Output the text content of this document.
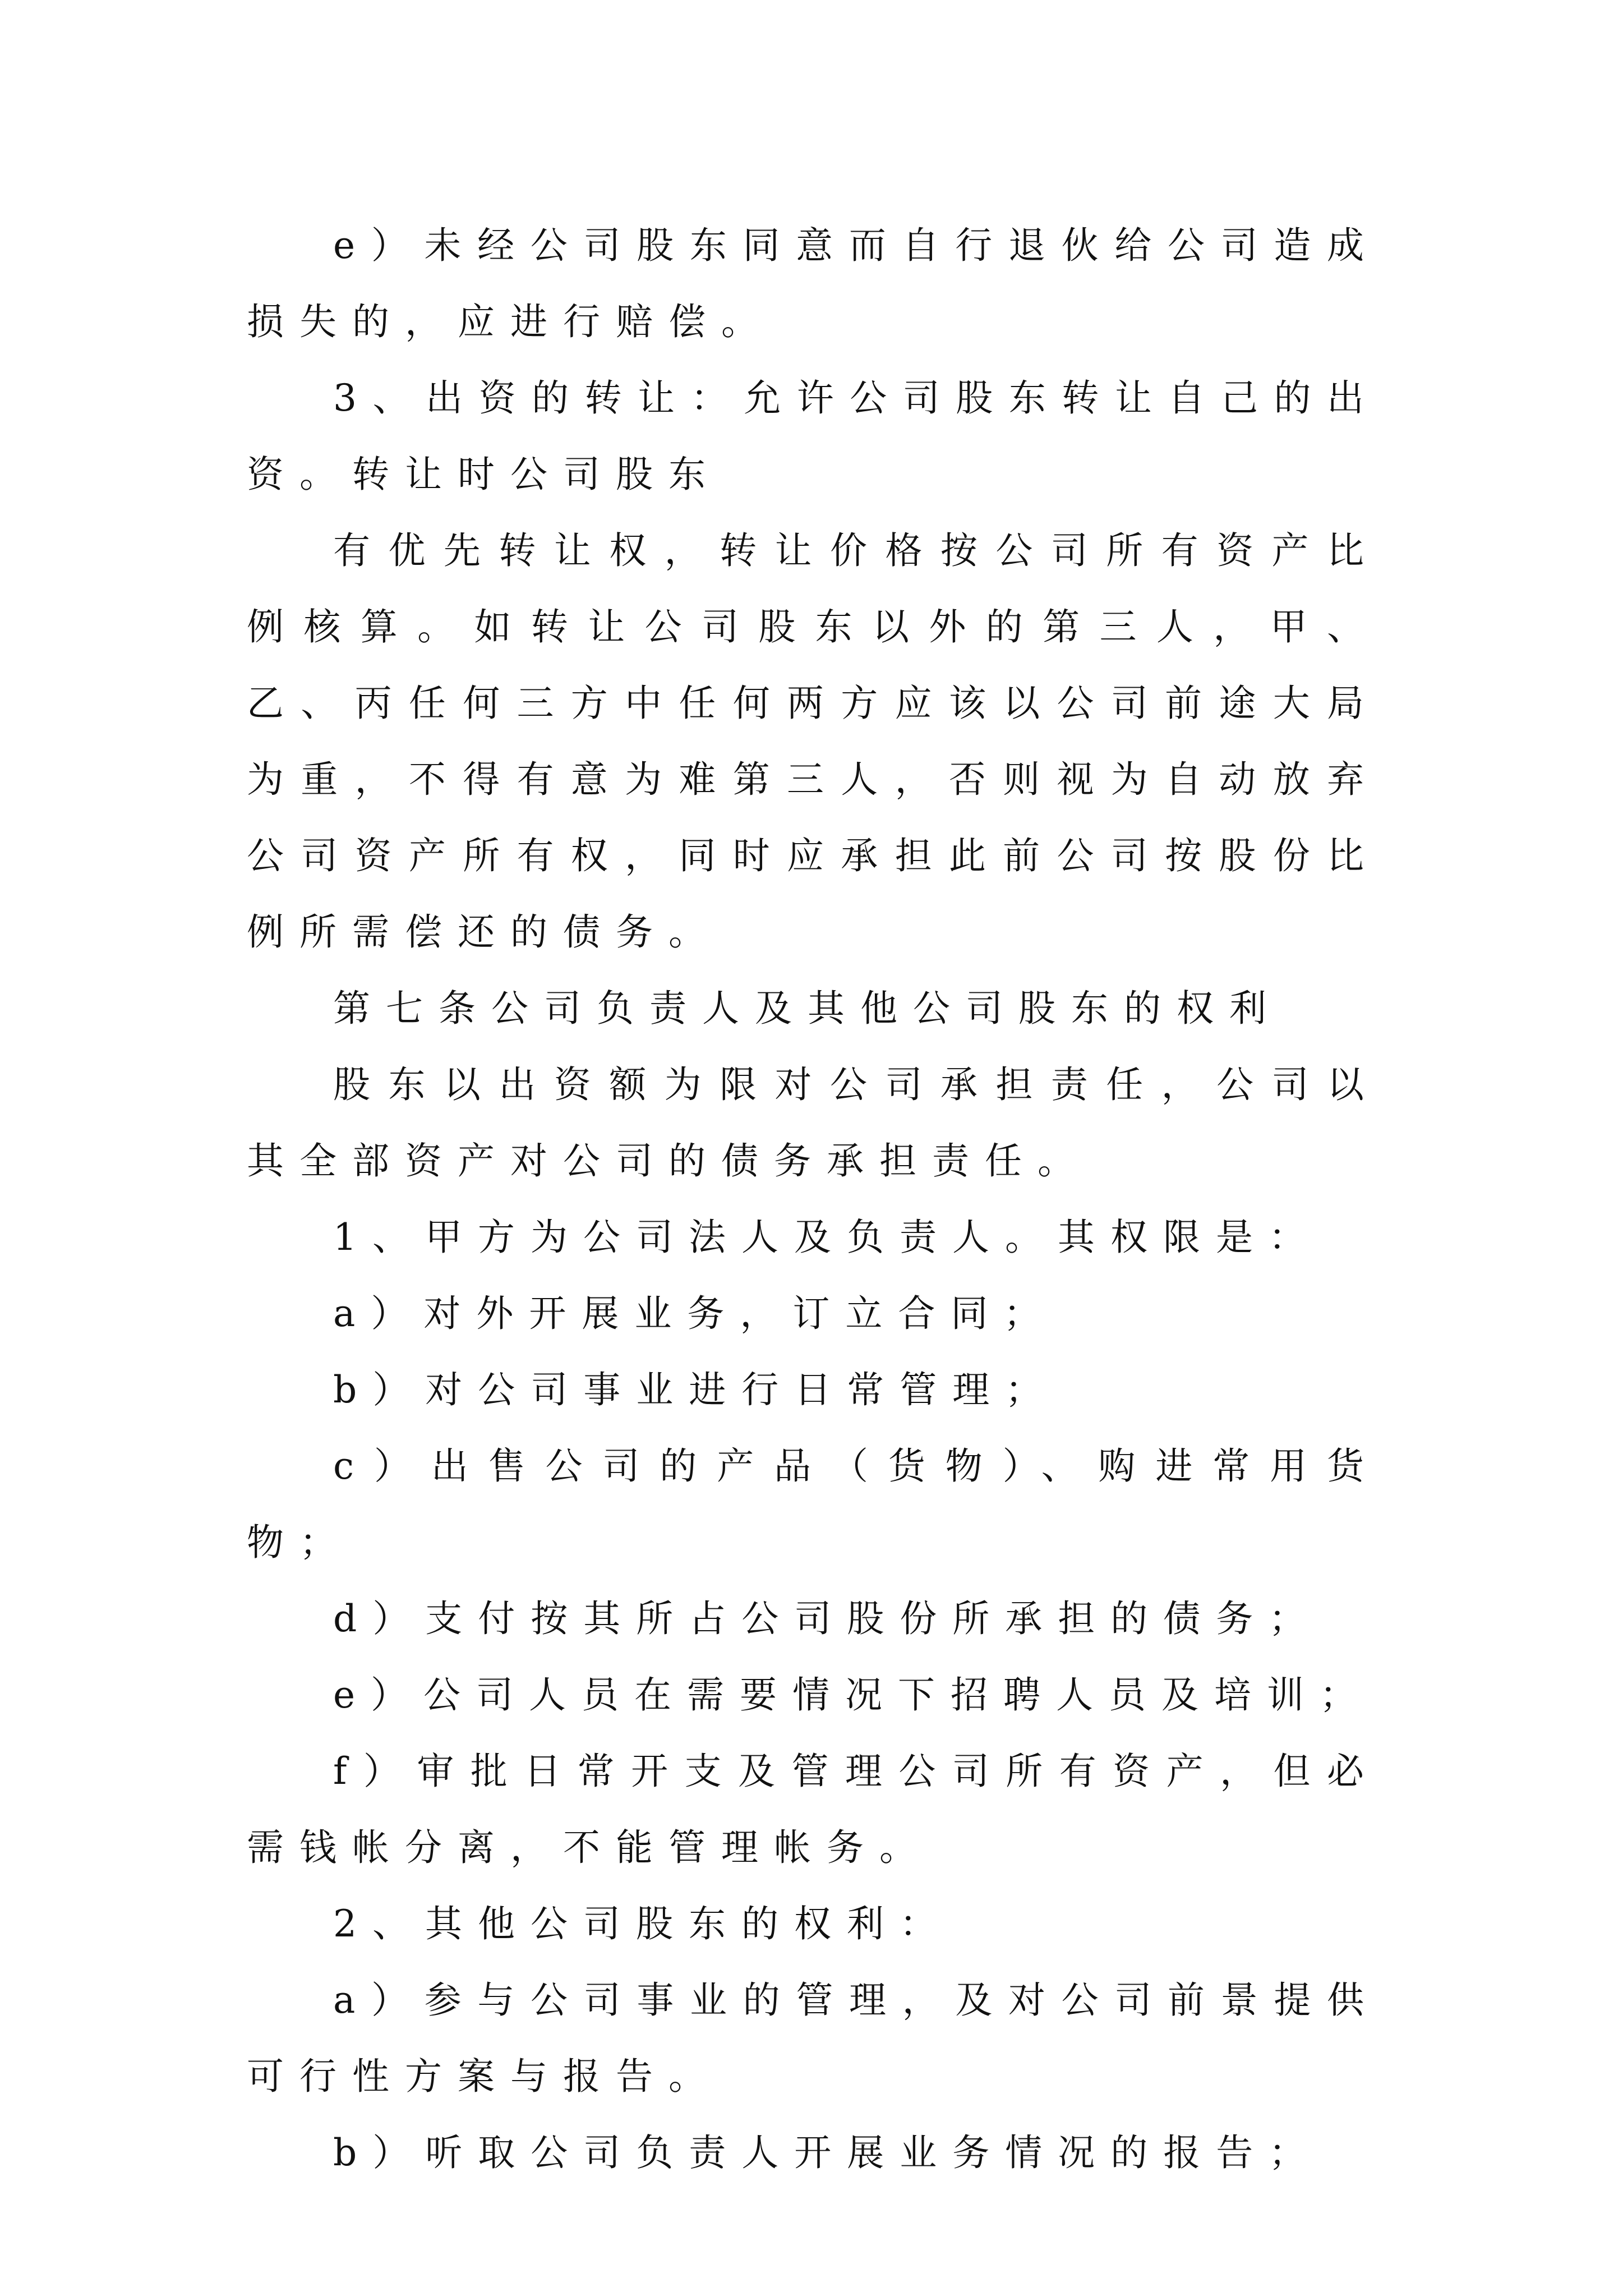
e）未经公司股东同意而自行退伙给公司造成损失的，应进行赔偿。

3、出资的转让：允许公司股东转让自己的出资。转让时公司股东

有优先转让权，转让价格按公司所有资产比例核算。如转让公司股东以外的第三人，甲、乙、丙任何三方中任何两方应该以公司前途大局为重，不得有意为难第三人，否则视为自动放弃公司资产所有权，同时应承担此前公司按股份比例所需偿还的债务。

第七条公司负责人及其他公司股东的权利

股东以出资额为限对公司承担责任，公司以其全部资产对公司的债务承担责任。

1、甲方为公司法人及负责人。其权限是：

a）对外开展业务，订立合同；

b）对公司事业进行日常管理；

c）出售公司的产品（货物）、购进常用货物；

d）支付按其所占公司股份所承担的债务；

e）公司人员在需要情况下招聘人员及培训；

f）审批日常开支及管理公司所有资产，但必需钱帐分离，不能管理帐务。

2、其他公司股东的权利：

a）参与公司事业的管理，及对公司前景提供可行性方案与报告。

b）听取公司负责人开展业务情况的报告；
